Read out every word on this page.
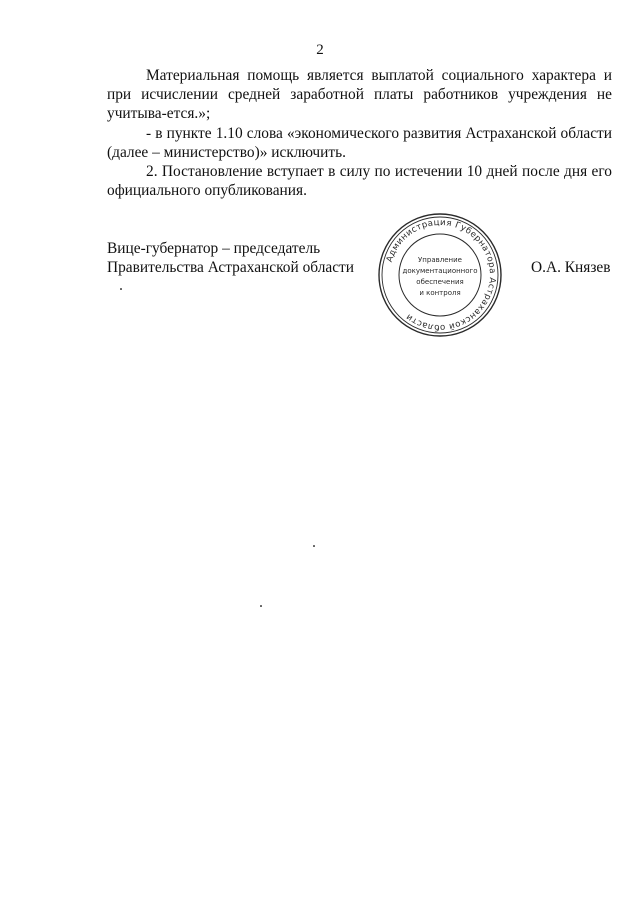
2

Материальная помощь является выплатой социального характера и при исчислении средней заработной платы работников учреждения не учитыва-ется.»;

- в пункте 1.10 слова «экономического развития Астраханской области (далее – министерство)» исключить.

2. Постановление вступает в силу по истечении 10 дней после дня его официального опубликования.

Вице-губернатор – председатель
Правительства Астраханской области
Администрация Губернатора Астраханской области
Управление
документационного
обеспечения
и контроля
О.А. Князев
